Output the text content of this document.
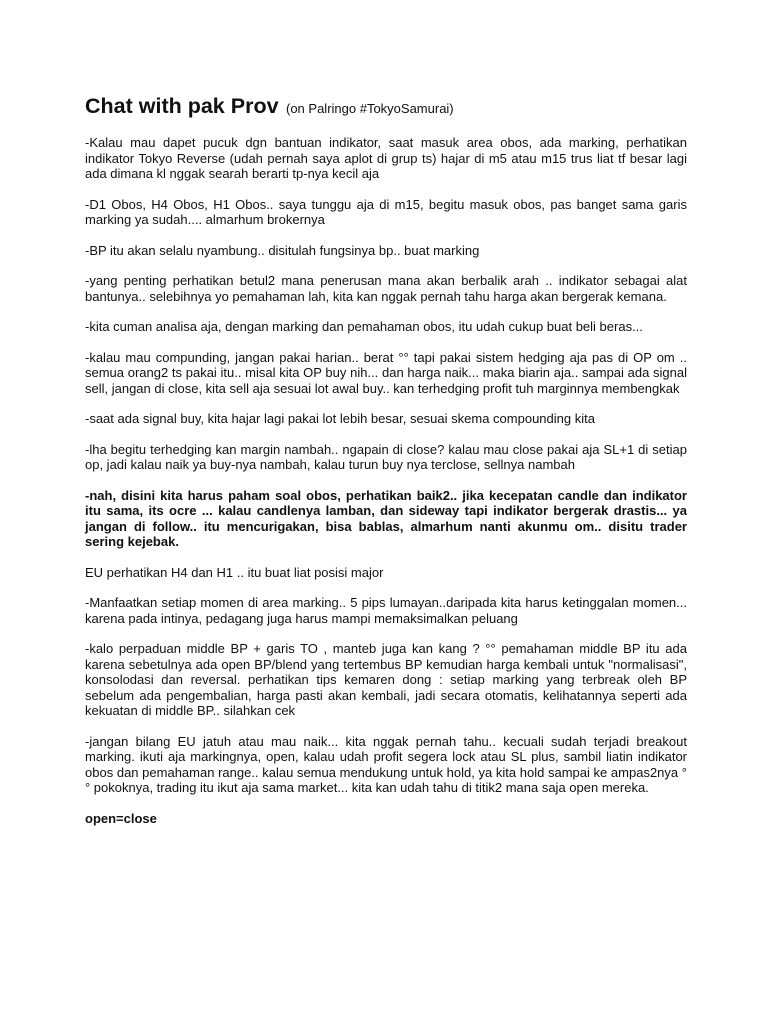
Chat with pak Prov (on Palringo #TokyoSamurai)

-Kalau mau dapet pucuk dgn bantuan indikator, saat masuk area obos, ada marking, perhatikan indikator Tokyo Reverse (udah pernah saya aplot di grup ts) hajar di m5 atau m15 trus liat tf besar lagi ada dimana kl nggak searah berarti tp-nya kecil aja

-D1 Obos, H4 Obos, H1 Obos.. saya tunggu aja di m15, begitu masuk obos, pas banget sama garis marking ya sudah.... almarhum brokernya

-BP itu akan selalu nyambung.. disitulah fungsinya bp.. buat marking

-yang penting perhatikan betul2 mana penerusan mana akan berbalik arah .. indikator sebagai alat bantunya.. selebihnya yo pemahaman lah, kita kan nggak pernah tahu harga akan bergerak kemana.

-kita cuman analisa aja, dengan marking dan pemahaman obos, itu udah cukup buat beli beras...

-kalau mau compunding, jangan pakai harian.. berat °° tapi pakai sistem hedging aja pas di OP om .. semua orang2 ts pakai itu.. misal kita OP buy nih... dan harga naik... maka biarin aja.. sampai ada signal sell, jangan di close, kita sell aja sesuai lot awal buy.. kan terhedging profit tuh marginnya membengkak

-saat ada signal buy, kita hajar lagi pakai lot lebih besar, sesuai skema compounding kita

-lha begitu terhedging kan margin nambah.. ngapain di close? kalau mau close pakai aja SL+1 di setiap op, jadi kalau naik ya buy-nya nambah, kalau turun buy nya terclose, sellnya nambah

-nah, disini kita harus paham soal obos, perhatikan baik2.. jika kecepatan candle dan indikator itu sama, its ocre ... kalau candlenya lamban, dan sideway tapi indikator bergerak drastis... ya jangan di follow.. itu mencurigakan, bisa bablas, almarhum nanti akunmu om.. disitu trader sering kejebak.

EU perhatikan H4 dan H1 .. itu buat liat posisi major

-Manfaatkan setiap momen di area marking.. 5 pips lumayan..daripada kita harus ketinggalan momen... karena pada intinya, pedagang juga harus mampi memaksimalkan peluang

-kalo perpaduan middle BP + garis TO , manteb juga kan kang ? °° pemahaman middle BP itu ada karena sebetulnya ada open BP/blend yang tertembus BP kemudian harga kembali untuk "normalisasi", konsolodasi dan reversal. perhatikan tips kemaren dong : setiap marking yang terbreak oleh BP sebelum ada pengembalian, harga pasti akan kembali, jadi secara otomatis, kelihatannya seperti ada kekuatan di middle BP.. silahkan cek

-jangan bilang EU jatuh atau mau naik... kita nggak pernah tahu.. kecuali sudah terjadi breakout marking. ikuti aja markingnya, open, kalau udah profit segera lock atau SL plus, sambil liatin indikator obos dan pemahaman range.. kalau semua mendukung untuk hold, ya kita hold sampai ke ampas2nya °° pokoknya, trading itu ikut aja sama market... kita kan udah tahu di titik2 mana saja open mereka.

open=close
